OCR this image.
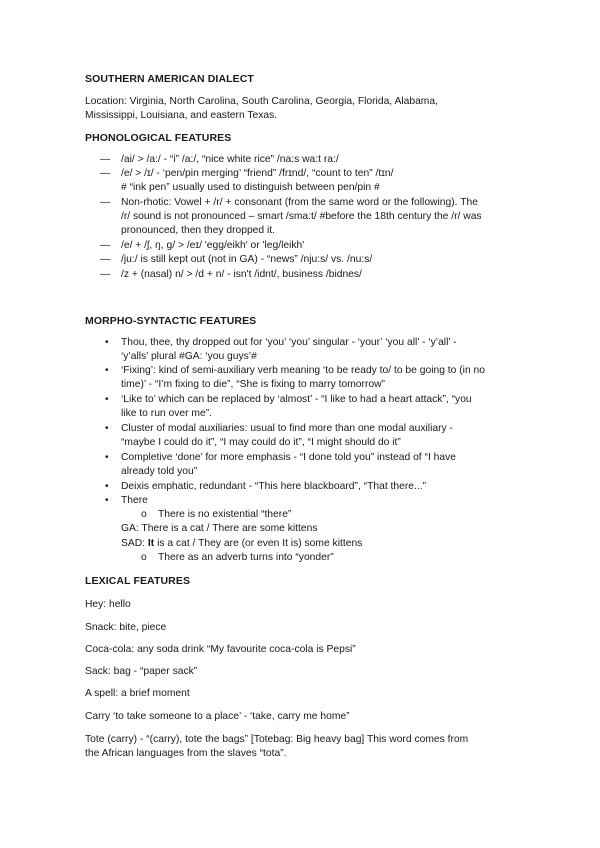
SOUTHERN AMERICAN DIALECT
Location: Virginia, North Carolina, South Carolina, Georgia, Florida, Alabama,
Mississippi, Louisiana, and eastern Texas.
PHONOLOGICAL FEATURES
— /ai/ > /a:/ - “i” /a:/, “nice white rice” /na:s wa:t ra:/
— /e/ > /ɪ/ - ‘pen/pin merging’ “friend” /frɪnd/, “count to ten” /tɪn/
# “ink pen” usually used to distinguish between pen/pin #
— Non-rhotic: Vowel + /r/ + consonant (from the same word or the following). The
/r/ sound is not pronounced – smart /sma:t/ #before the 18th century the /r/ was
pronounced, then they dropped it.
— /e/ + /ʃ, ŋ, g/ > /eɪ/ 'egg/eikh' or 'leg/leikh'
— /ju:/ is still kept out (not in GA) - “news” /nju:s/ vs. /nu:s/
— /z + (nasal) n/ > /d + n/ - isn't /idnt/, business /bidnes/
MORPHO-SYNTACTIC FEATURES
• Thou, thee, thy dropped out for ‘you’ ‘you’ singular - ‘your’ ‘you all’ - ‘y’all’ -
‘y’alls’ plural #GA: ‘you guys’#
• ‘Fixing’: kind of semi-auxiliary verb meaning ‘to be ready to/ to be going to (in no
time)’ - “I’m fixing to die”, “She is fixing to marry tomorrow”
• ‘Like to’ which can be replaced by ‘almost’ - “I like to had a heart attack”, “you
like to run over me”.
• Cluster of modal auxiliaries: usual to find more than one modal auxiliary -
“maybe I could do it”, “I may could do it”, “I might should do it”
• Completive ‘done’ for more emphasis - “I done told you” instead of “I have
already told you”
• Deixis emphatic, redundant - “This here blackboard”, “That there...”
• There
o There is no existential “there”
GA: There is a cat / There are some kittens
SAD: It is a cat / They are (or even It is) some kittens
o There as an adverb turns into “yonder”
LEXICAL FEATURES
Hey: hello
Snack: bite, piece
Coca-cola: any soda drink “My favourite coca-cola is Pepsi”
Sack: bag - “paper sack”
A spell: a brief moment
Carry ‘to take someone to a place’ - ‘take, carry me home”
Tote (carry) - “(carry), tote the bags” [Totebag: Big heavy bag] This word comes from
the African languages from the slaves “tota”.
